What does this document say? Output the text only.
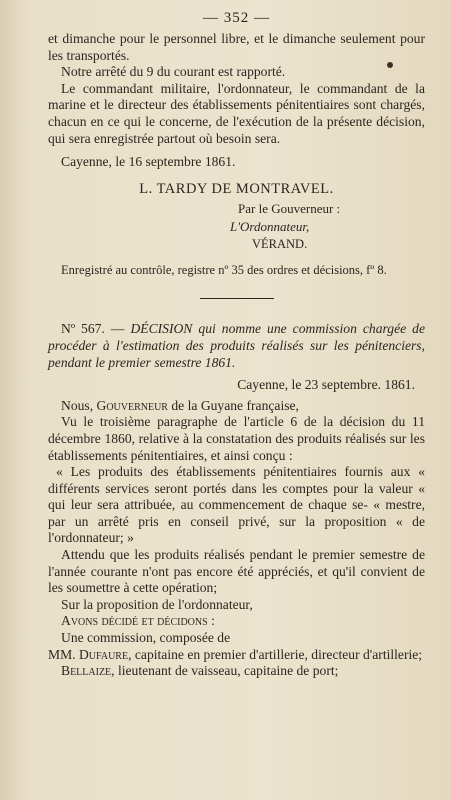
— 352 —

et dimanche pour le personnel libre, et le dimanche seulement pour les transportés.

Notre arrêté du 9 du courant est rapporté.

Le commandant militaire, l'ordonnateur, le commandant de la marine et le directeur des établissements pénitentiaires sont chargés, chacun en ce qui le concerne, de l'exécution de la présente décision, qui sera enregistrée partout où besoin sera.

Cayenne, le 16 septembre 1861.

L. TARDY DE MONTRAVEL.
Par le Gouverneur :
L'Ordonnateur,
VÉRAND.

Enregistré au contrôle, registre nº 35 des ordres et décisions, fº 8.

Nº 567. — DÉCISION qui nomme une commission chargée de procéder à l'estimation des produits réalisés sur les pénitenciers, pendant le premier semestre 1861.

Cayenne, le 23 septembre. 1861.

Nous, Gouverneur de la Guyane française,

Vu le troisième paragraphe de l'article 6 de la décision du 11 décembre 1860, relative à la constatation des produits réalisés sur les établissements pénitentiaires, et ainsi conçu :

« Les produits des établissements pénitentiaires fournis aux « différents services seront portés dans les comptes pour la valeur « qui leur sera attribuée, au commencement de chaque se- « mestre, par un arrêté pris en conseil privé, sur la proposition « de l'ordonnateur; »

Attendu que les produits réalisés pendant le premier semestre de l'année courante n'ont pas encore été appréciés, et qu'il convient de les soumettre à cette opération;

Sur la proposition de l'ordonnateur,

Avons décidé et décidons :

Une commission, composée de

MM. Dufaure, capitaine en premier d'artillerie, directeur d'artillerie;

Bellaize, lieutenant de vaisseau, capitaine de port;
